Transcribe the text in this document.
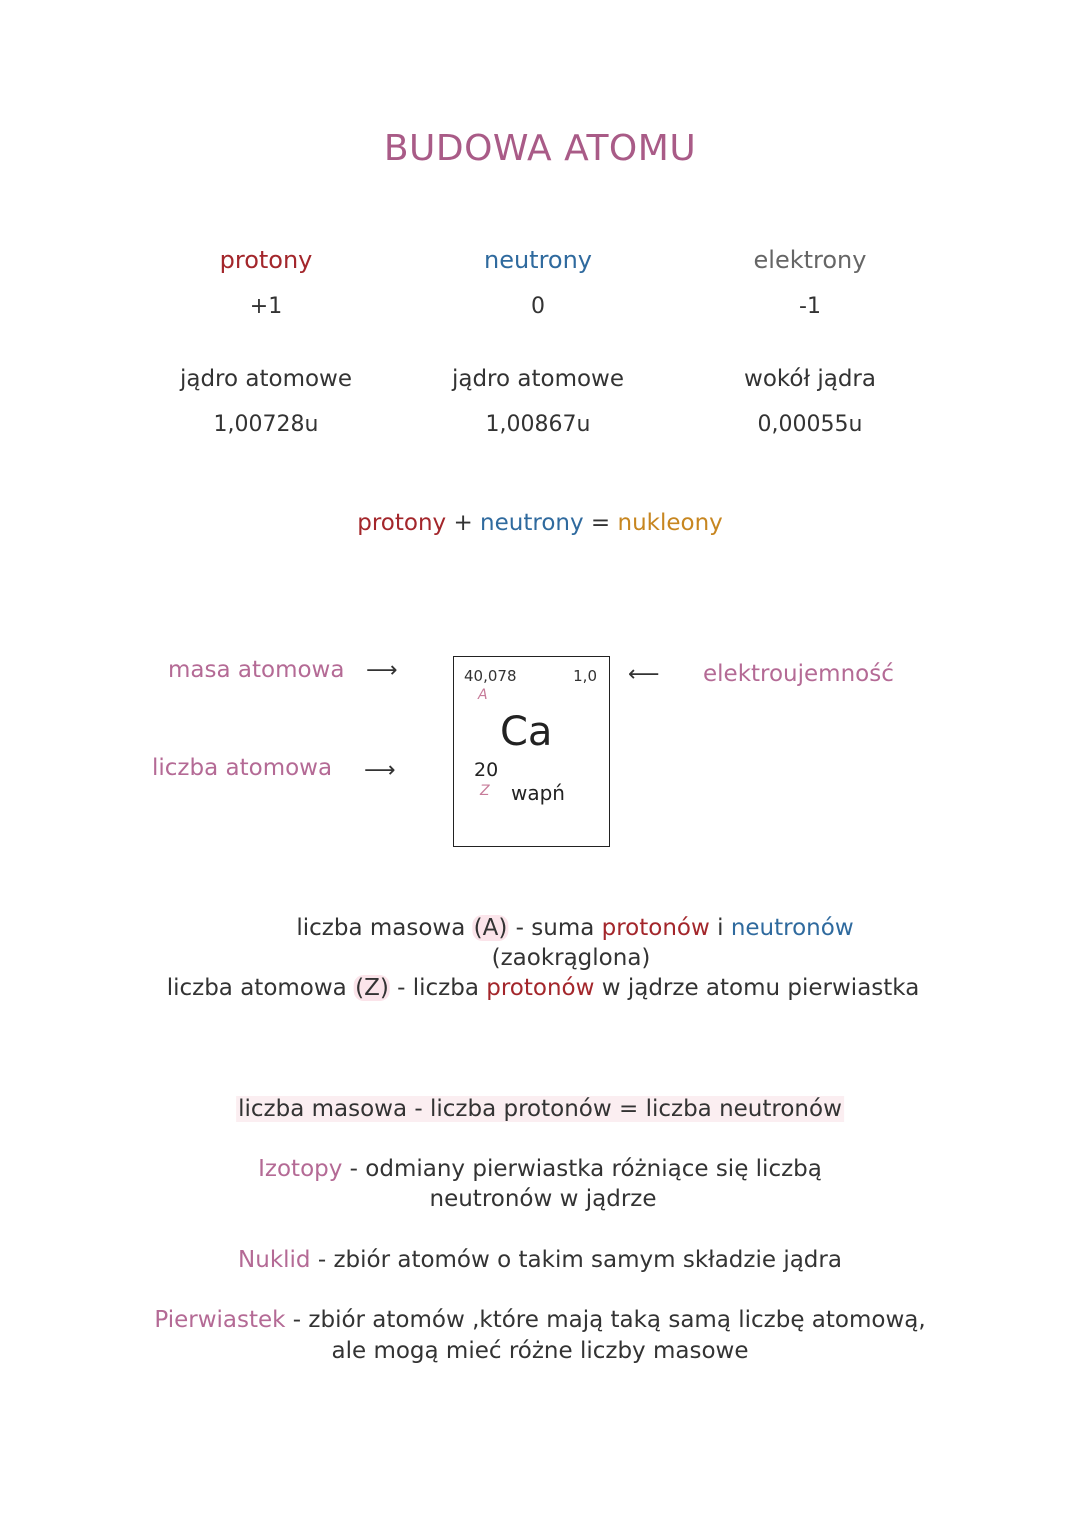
BUDOWA ATOMU
protony	neutrony	elektrony
+1	0	-1
jądro atomowe	jądro atomowe	wokół jądra
1,00728u	1,00867u	0,00055u
protony + neutrony = nukleony
masa atomowa ⟶
liczba atomowa ⟶
⟵ elektroujemność
40,078	1,0
A
Ca
20
Z wapń
liczba masowa (A) - suma protonów i neutronów
(zaokrąglona)
liczba atomowa (Z) - liczba protonów w jądrze atomu pierwiastka
liczba masowa - liczba protonów = liczba neutronów
Izotopy - odmiany pierwiastka różniące się liczbą
neutronów w jądrze
Nuklid - zbiór atomów o takim samym składzie jądra
Pierwiastek - zbiór atomów ,które mają taką samą liczbę atomową,
ale mogą mieć różne liczby masowe
